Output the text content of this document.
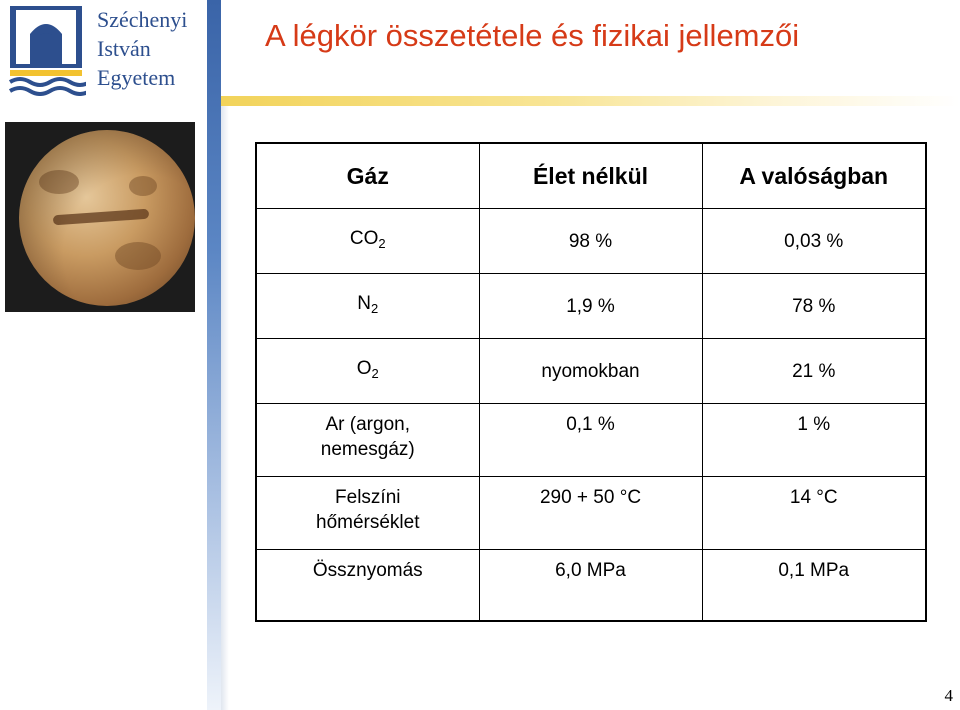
Széchenyi
István
Egyetem
A légkör összetétele és fizikai jellemzői
Gáz	Élet nélkül	A valóságban
$CO_2$	98 %	0,03 %
$N_2$	1,9 %	78 %
$O_2$	nyomokban	21 %

Ar (argon,
nemesgáz)	0,1 %	1 %

Felszíni
hőmérséklet	290 + 50 °C	14 °C
Össznyomás	6,0 MPa	0,1 MPa
4
